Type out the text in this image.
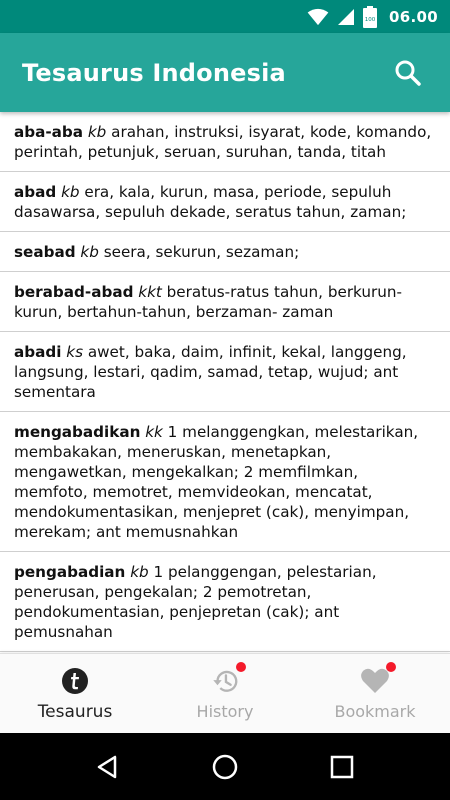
100 06.00
Tesaurus Indonesia
aba-aba kb arahan, instruksi, isyarat, kode, komando, perintah, petunjuk, seruan, suruhan, tanda, titah
abad kb era, kala, kurun, masa, periode, sepuluh dasawarsa, sepuluh dekade, seratus tahun, zaman;
seabad kb seera, sekurun, sezaman;
berabad-abad kkt beratus-ratus tahun, berkurun-kurun, bertahun-tahun, berzaman- zaman
abadi ks awet, baka, daim, infinit, kekal, langgeng, langsung, lestari, qadim, samad, tetap, wujud; ant sementara
mengabadikan kk 1 melanggengkan, melestarikan, membakakan, meneruskan, menetapkan, mengawetkan, mengekalkan; 2 memfilmkan, memfoto, memotret, memvideokan, mencatat, mendokumentasikan, menjepret (cak), menyimpan, merekam; ant memusnahkan
pengabadian kb 1 pelanggengan, pelestarian, penerusan, pengekalan; 2 pemotretan, pendokumentasian, penjepretan (cak); ant pemusnahan
Tesaurus	History	Bookmark
